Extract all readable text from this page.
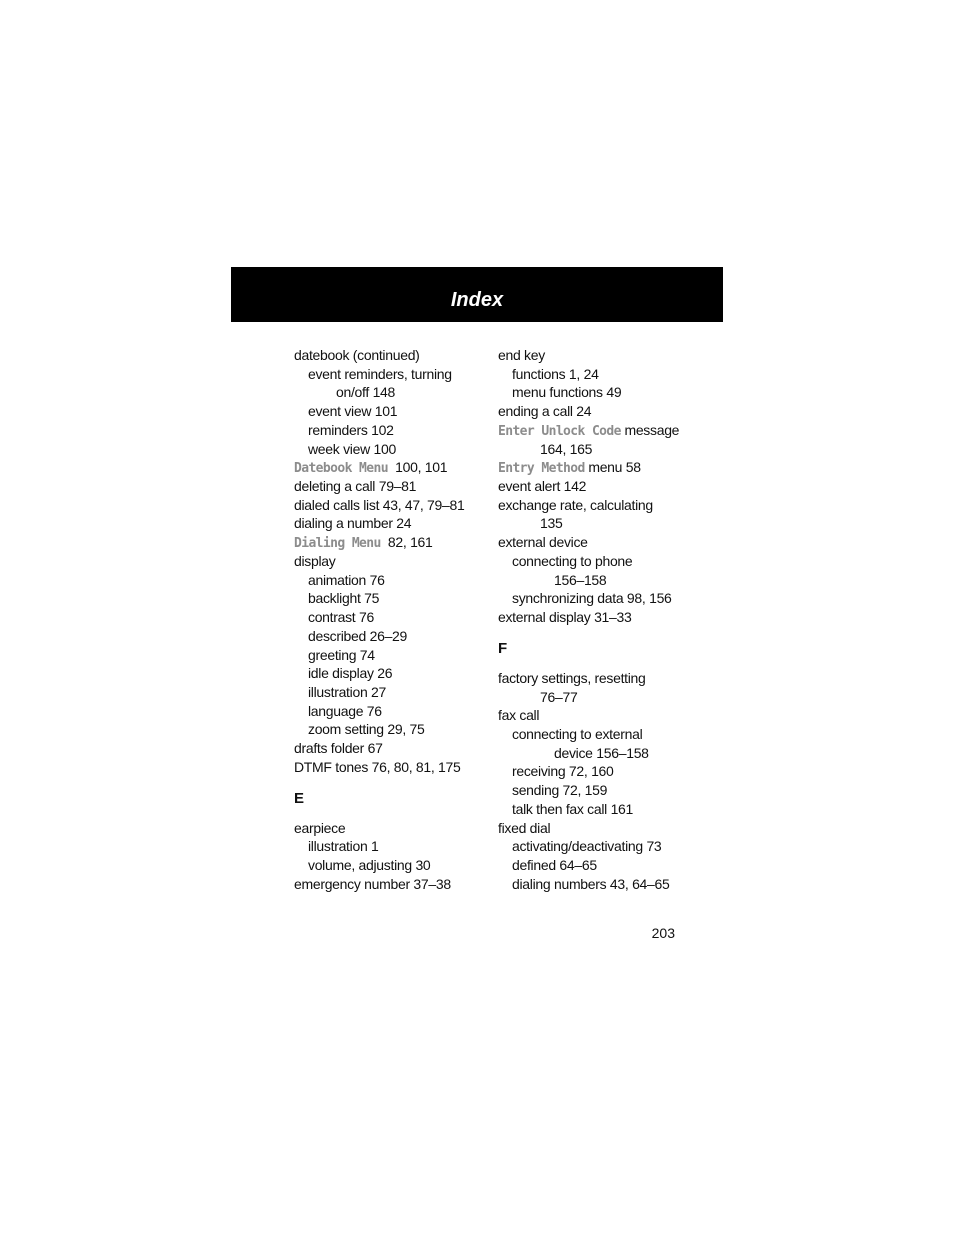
Index
datebook (continued)
event reminders, turning
on/off 148
event view 101
reminders 102
week view 100
Datebook Menu 100, 101
deleting a call 79–81
dialed calls list 43, 47, 79–81
dialing a number 24
Dialing Menu 82, 161
display
animation 76
backlight 75
contrast 76
described 26–29
greeting 74
idle display 26
illustration 27
language 76
zoom setting 29, 75
drafts folder 67
DTMF tones 76, 80, 81, 175
E
earpiece
illustration 1
volume, adjusting 30
emergency number 37–38
end key
functions 1, 24
menu functions 49
ending a call 24
Enter Unlock Code message
164, 165
Entry Method menu 58
event alert 142
exchange rate, calculating
135
external device
connecting to phone
156–158
synchronizing data 98, 156
external display 31–33
F
factory settings, resetting
76–77
fax call
connecting to external
device 156–158
receiving 72, 160
sending 72, 159
talk then fax call 161
fixed dial
activating/deactivating 73
defined 64–65
dialing numbers 43, 64–65
203
